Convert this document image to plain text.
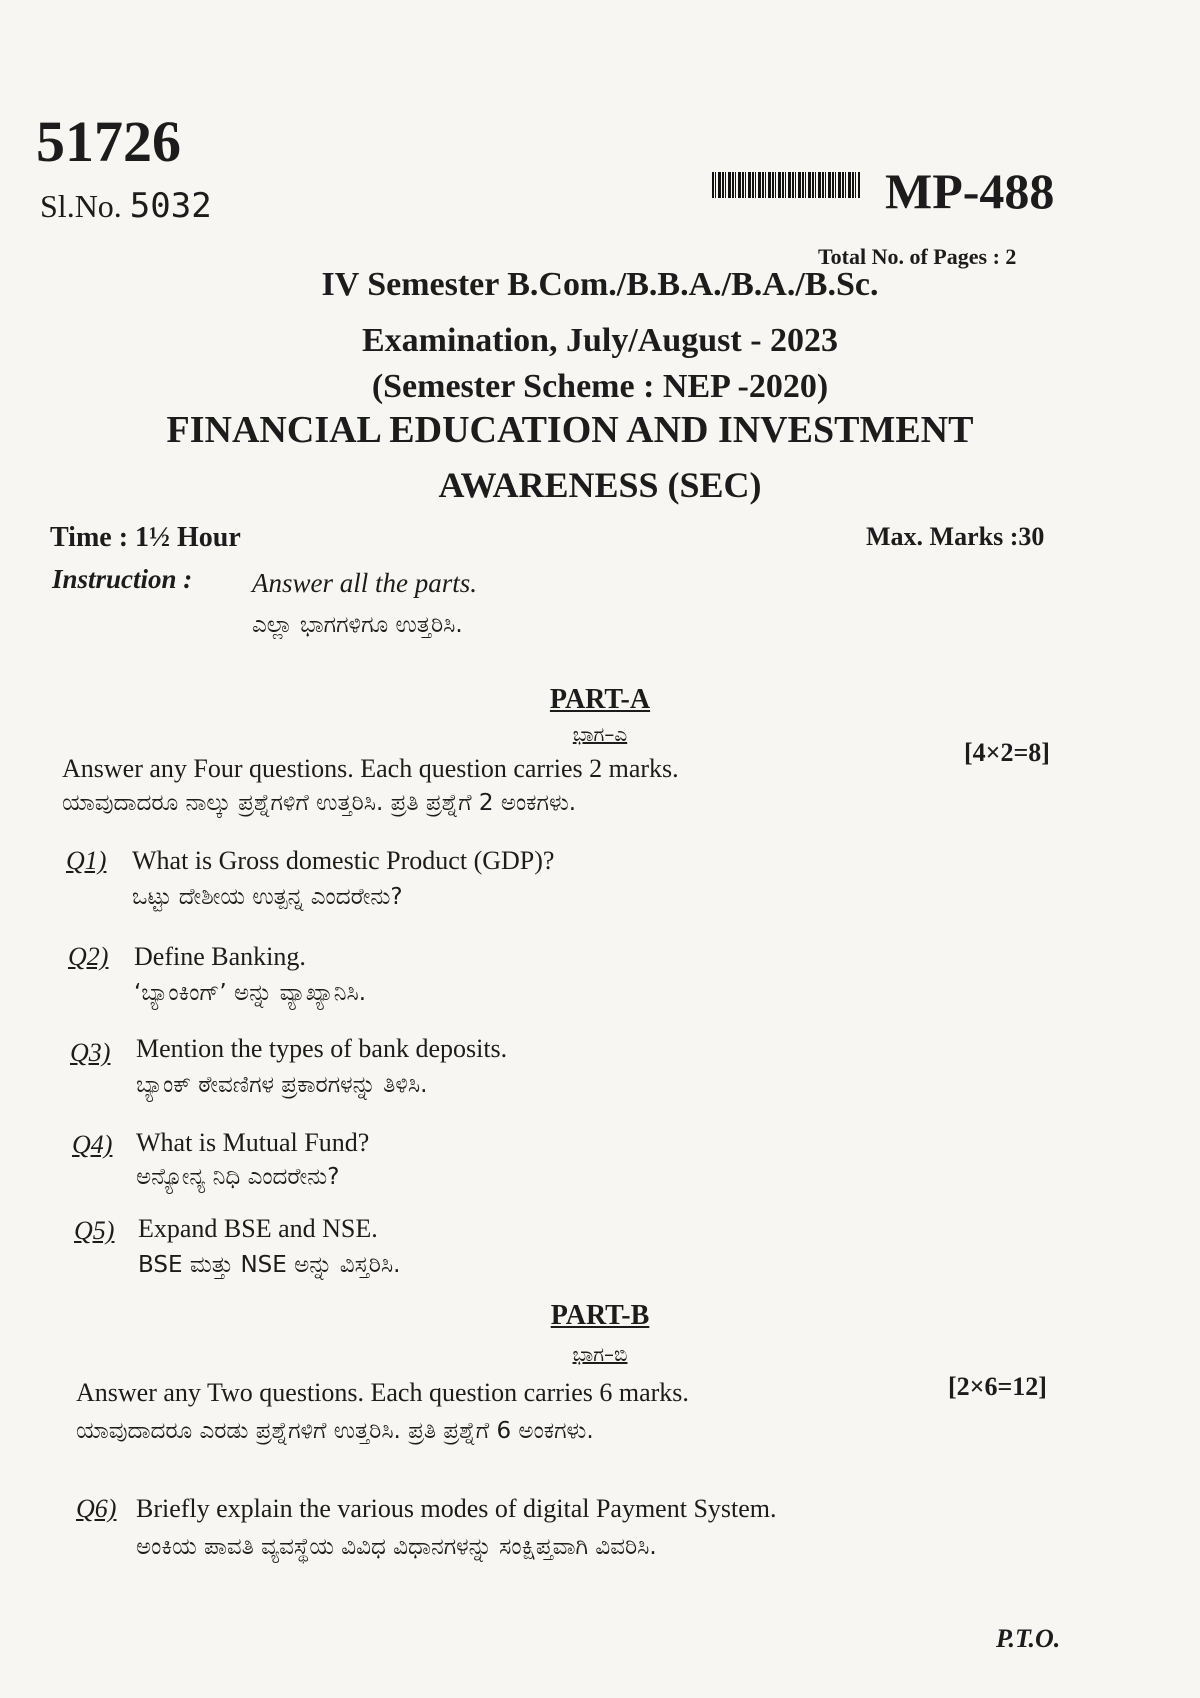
51726
Sl.No. 5032	MP-488
Total No. of Pages : 2
IV Semester B.Com./B.B.A./B.A./B.Sc.
Examination, July/August - 2023
(Semester Scheme : NEP -2020)
FINANCIAL EDUCATION AND INVESTMENT
AWARENESS (SEC)
Time : 1½ Hour	Max. Marks :30
Instruction : Answer all the parts.
ಎಲ್ಲಾ ಭಾಗಗಳಿಗೂ ಉತ್ತರಿಸಿ.
PART-A
ಭಾಗ–ಎ
Answer any Four questions. Each question carries 2 marks.
[4×2=8]
ಯಾವುದಾದರೂ ನಾಲ್ಕು ಪ್ರಶ್ನೆಗಳಿಗೆ ಉತ್ತರಿಸಿ. ಪ್ರತಿ ಪ್ರಶ್ನೆಗೆ 2 ಅಂಕಗಳು.
Q1) What is Gross domestic Product (GDP)?
ಒಟ್ಟು ದೇಶೀಯ ಉತ್ಪನ್ನ ಎಂದರೇನು?
Q2) Define Banking.
‘ಬ್ಯಾಂಕಿಂಗ್’ ಅನ್ನು ವ್ಯಾಖ್ಯಾನಿಸಿ.
Q3) Mention the types of bank deposits.
ಬ್ಯಾಂಕ್ ಠೇವಣಿಗಳ ಪ್ರಕಾರಗಳನ್ನು ತಿಳಿಸಿ.
Q4) What is Mutual Fund?
ಅನ್ಯೋನ್ಯ ನಿಧಿ ಎಂದರೇನು?
Q5) Expand BSE and NSE.
BSE ಮತ್ತು NSE ಅನ್ನು ವಿಸ್ತರಿಸಿ.
PART-B
ಭಾಗ–ಬಿ
Answer any Two questions. Each question carries 6 marks.	[2×6=12]
ಯಾವುದಾದರೂ ಎರಡು ಪ್ರಶ್ನೆಗಳಿಗೆ ಉತ್ತರಿಸಿ. ಪ್ರತಿ ಪ್ರಶ್ನೆಗೆ 6 ಅಂಕಗಳು.
Q6) Briefly explain the various modes of digital Payment System.
ಅಂಕಿಯ ಪಾವತಿ ವ್ಯವಸ್ಥೆಯ ವಿವಿಧ ವಿಧಾನಗಳನ್ನು ಸಂಕ್ಷಿಪ್ತವಾಗಿ ವಿವರಿಸಿ.
P.T.O.
